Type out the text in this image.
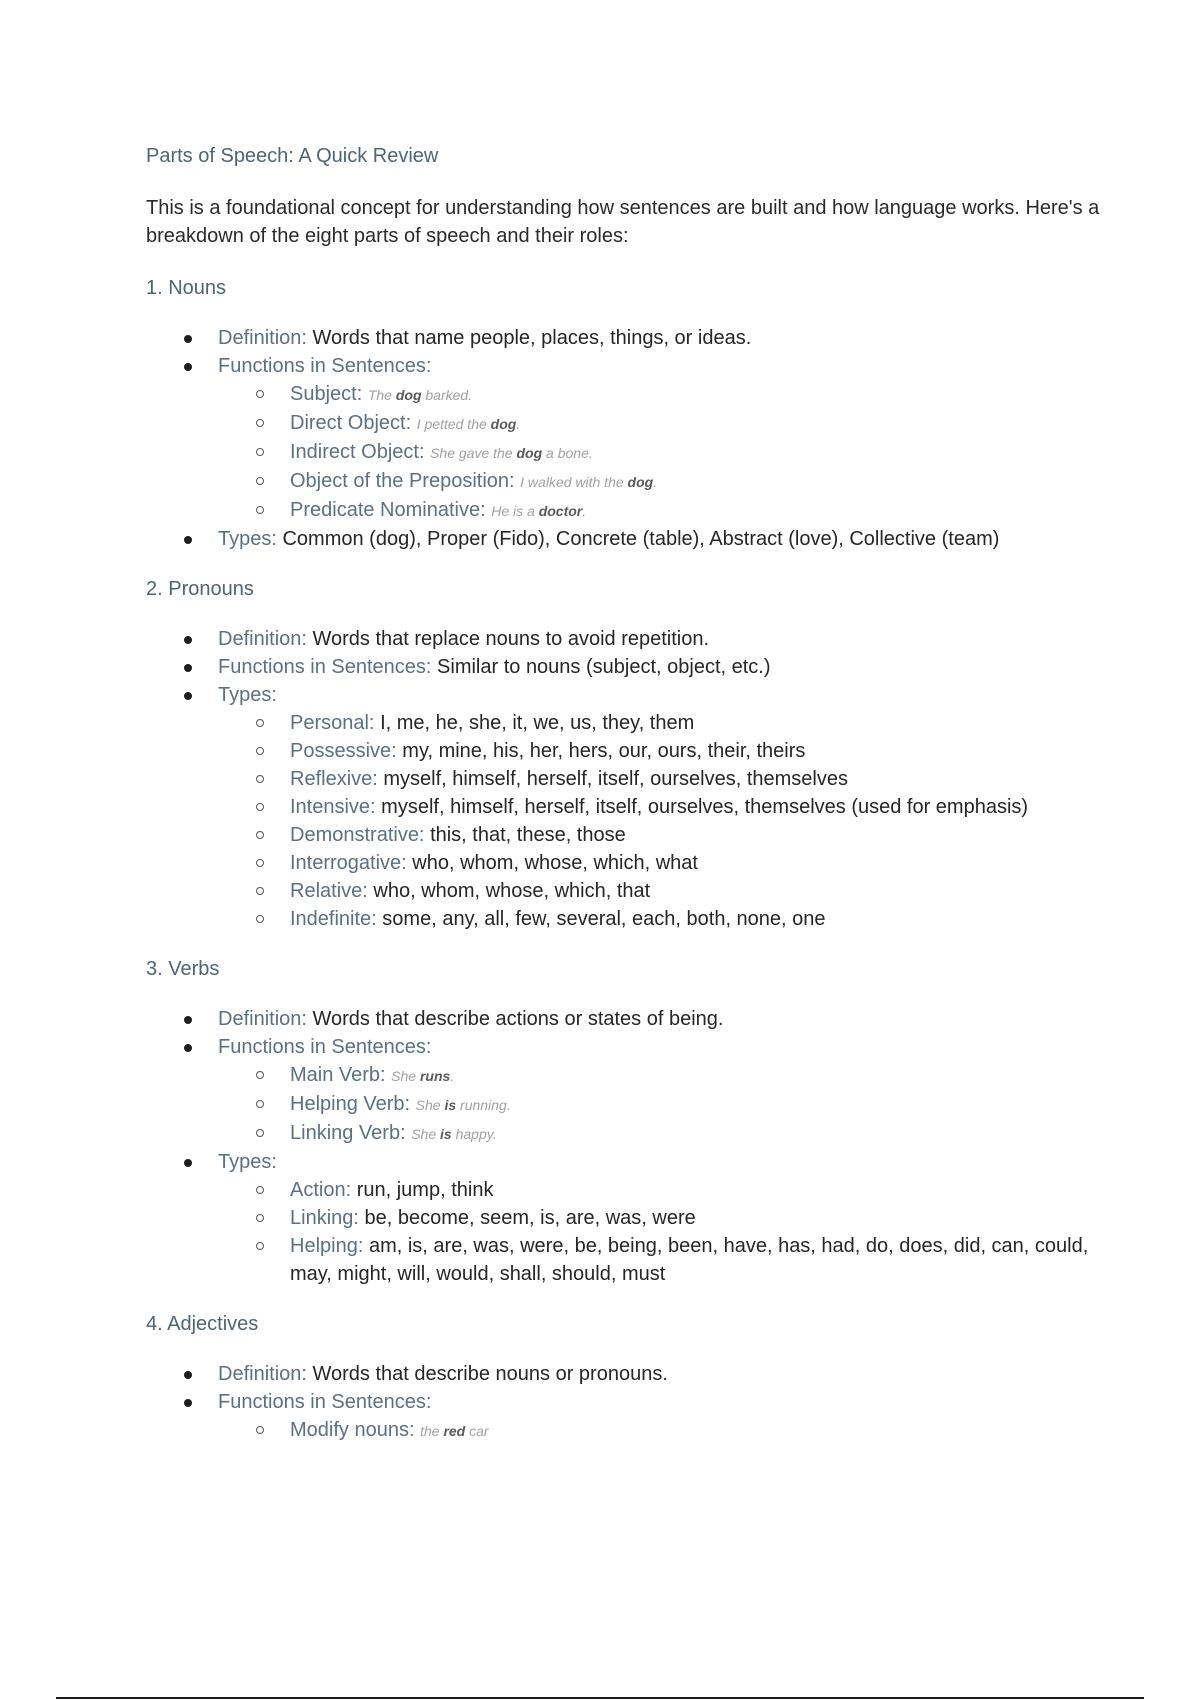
Parts of Speech: A Quick Review

This is a foundational concept for understanding how sentences are built and how language works. Here's a breakdown of the eight parts of speech and their roles:

1. Nouns
Definition: Words that name people, places, things, or ideas.
Functions in Sentences:
Subject: The dog barked.
Direct Object: I petted the dog.
Indirect Object: She gave the dog a bone.
Object of the Preposition: I walked with the dog.
Predicate Nominative: He is a doctor.
Types: Common (dog), Proper (Fido), Concrete (table), Abstract (love), Collective (team)
2. Pronouns
Definition: Words that replace nouns to avoid repetition.
Functions in Sentences: Similar to nouns (subject, object, etc.)
Types:
Personal: I, me, he, she, it, we, us, they, them
Possessive: my, mine, his, her, hers, our, ours, their, theirs
Reflexive: myself, himself, herself, itself, ourselves, themselves
Intensive: myself, himself, herself, itself, ourselves, themselves (used for emphasis)
Demonstrative: this, that, these, those
Interrogative: who, whom, whose, which, what
Relative: who, whom, whose, which, that
Indefinite: some, any, all, few, several, each, both, none, one
3. Verbs
Definition: Words that describe actions or states of being.
Functions in Sentences:
Main Verb: She runs.
Helping Verb: She is running.
Linking Verb: She is happy.
Types:
Action: run, jump, think
Linking: be, become, seem, is, are, was, were
Helping: am, is, are, was, were, be, being, been, have, has, had, do, does, did, can, could, may, might, will, would, shall, should, must
4. Adjectives
Definition: Words that describe nouns or pronouns.
Functions in Sentences:
Modify nouns: the red car
